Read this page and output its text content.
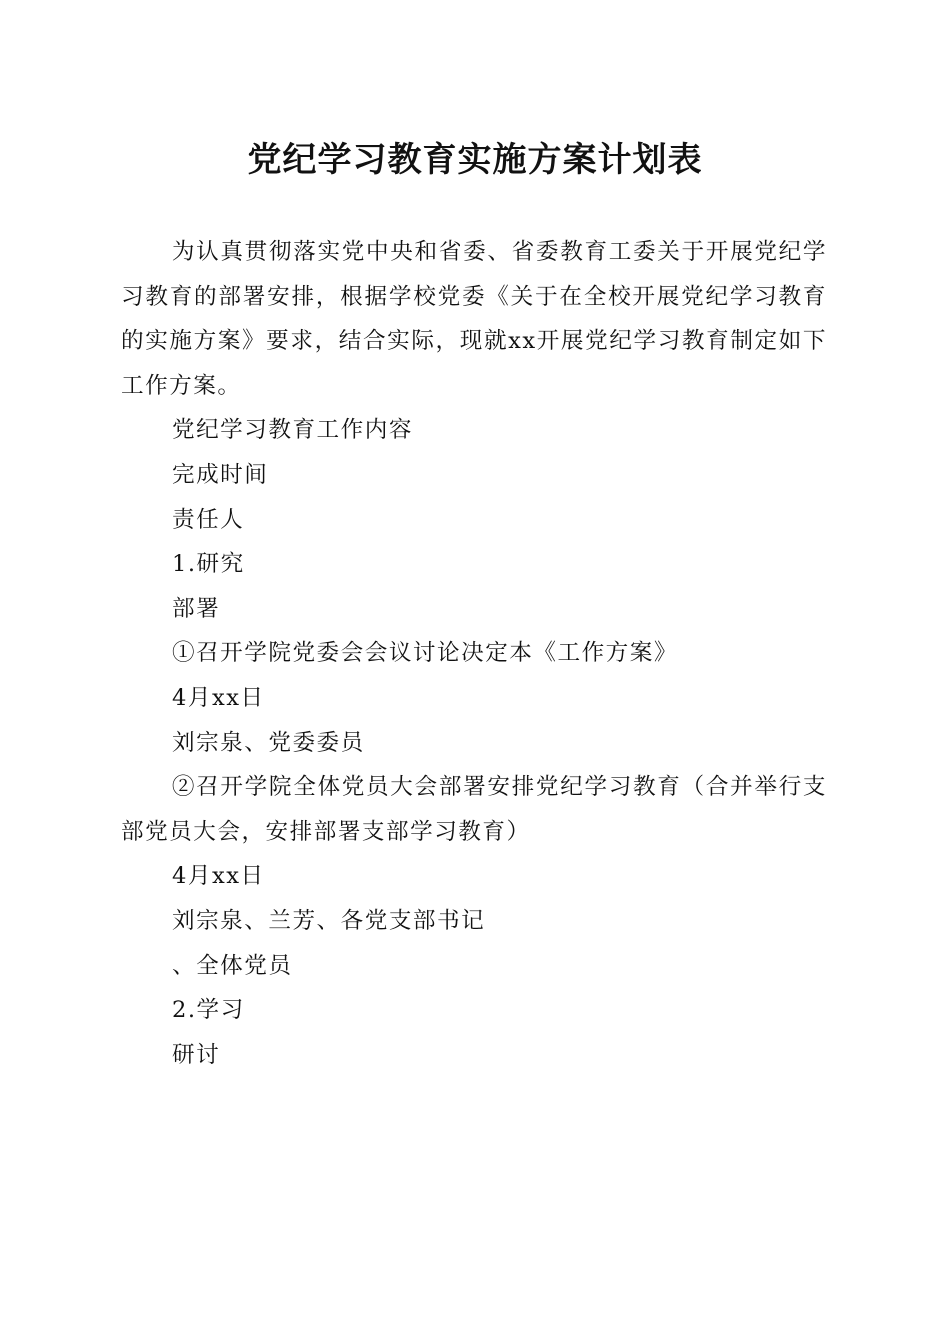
党纪学习教育实施方案计划表

为认真贯彻落实党中央和省委、省委教育工委关于开展党纪学习教育的部署安排，根据学校党委《关于在全校开展党纪学习教育的实施方案》要求，结合实际，现就xx开展党纪学习教育制定如下工作方案。

党纪学习教育工作内容

完成时间

责任人

1.研究

部署

①召开学院党委会会议讨论决定本《工作方案》

4月xx日

刘宗泉、党委委员

②召开学院全体党员大会部署安排党纪学习教育（合并举行支部党员大会，安排部署支部学习教育）

4月xx日

刘宗泉、兰芳、各党支部书记

、全体党员

2.学习

研讨
